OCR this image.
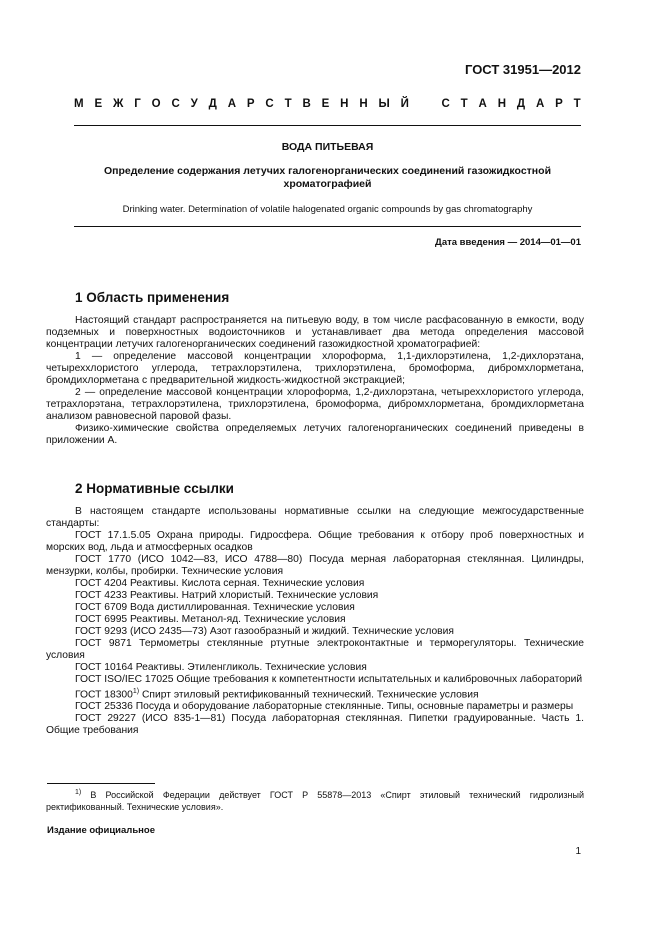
ГОСТ 31951—2012
М Е Ж Г О С У Д А Р С Т В Е Н Н Ы Й	С Т А Н Д А Р Т
ВОДА ПИТЬЕВАЯ
Определение содержания летучих галогенорганических соединений газожидкостной хроматографией
Drinking water. Determination of volatile halogenated organic compounds by gas chromatography
Дата введения — 2014—01—01
1 Область применения

Настоящий стандарт распространяется на питьевую воду, в том числе расфасованную в емкости, воду подземных и поверхностных водоисточников и устанавливает два метода определения массовой концентрации летучих галогенорганических соединений газожидкостной хроматографией:

1 — определение массовой концентрации хлороформа, 1,1-дихлорэтилена, 1,2-дихлорэтана, четыреххлористого углерода, тетрахлорэтилена, трихлорэтилена, бромоформа, дибромхлорметана, бромдихлорметана с предварительной жидкость-жидкостной экстракцией;

2 — определение массовой концентрации хлороформа, 1,2-дихлорэтана, четыреххлористого углерода, тетрахлорэтана, тетрахлорэтилена, трихлорэтилена, бромоформа, дибромхлорметана, бромдихлорметана анализом равновесной паровой фазы.

Физико-химические свойства определяемых летучих галогенорганических соединений приведены в приложении А.

2 Нормативные ссылки

В настоящем стандарте использованы нормативные ссылки на следующие межгосударственные стандарты:

ГОСТ 17.1.5.05 Охрана природы. Гидросфера. Общие требования к отбору проб поверхностных и морских вод, льда и атмосферных осадков

ГОСТ 1770 (ИСО 1042—83, ИСО 4788—80) Посуда мерная лабораторная стеклянная. Цилиндры, мензурки, колбы, пробирки. Технические условия

ГОСТ 4204 Реактивы. Кислота серная. Технические условия

ГОСТ 4233 Реактивы. Натрий хлористый. Технические условия

ГОСТ 6709 Вода дистиллированная. Технические условия

ГОСТ 6995 Реактивы. Метанол-яд. Технические условия

ГОСТ 9293 (ИСО 2435—73) Азот газообразный и жидкий. Технические условия

ГОСТ 9871 Термометры стеклянные ртутные электроконтактные и терморегуляторы. Технические условия

ГОСТ 10164 Реактивы. Этиленгликоль. Технические условия

ГОСТ ISO/IEC 17025 Общие требования к компетентности испытательных и калибровочных лабораторий

ГОСТ 18300$^{1)}$ Спирт этиловый ректификованный технический. Технические условия

ГОСТ 25336 Посуда и оборудование лабораторные стеклянные. Типы, основные параметры и размеры

ГОСТ 29227 (ИСО 835-1—81) Посуда лабораторная стеклянная. Пипетки градуированные. Часть 1. Общие требования

$^{1)}$ В Российской Федерации действует ГОСТ Р 55878—2013 «Спирт этиловый технический гидролизный ректификованный. Технические условия».
Издание официальное
1
